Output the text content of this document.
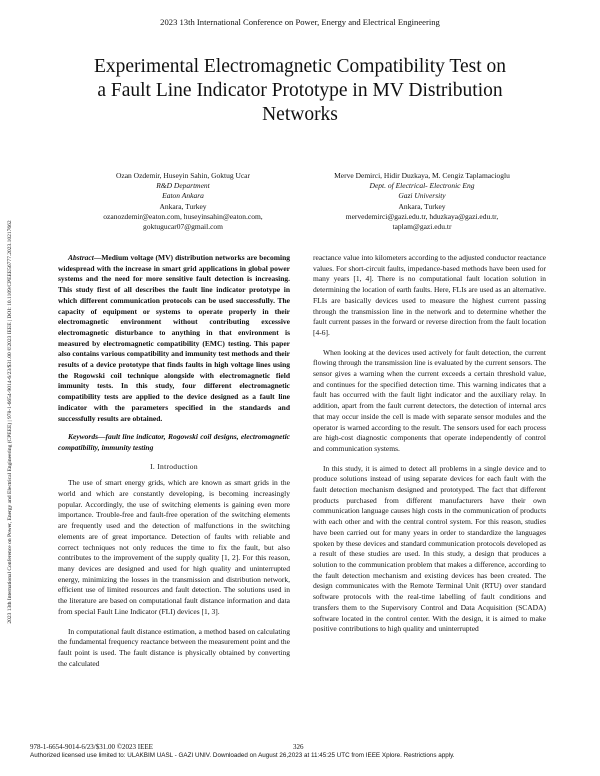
2023 13th International Conference on Power, Energy and Electrical Engineering
Experimental Electromagnetic Compatibility Test on
a Fault Line Indicator Prototype in MV Distribution
Networks
2023 13th International Conference on Power, Energy and Electrical Engineering (CPEEE) | 978-1-6654-9014-6/23/$31.00 ©2023 IEEE | DOI: 10.1109/CPEEE56777.2023.10217662
Ozan Ozdemir, Huseyin Sahin, Goktug Ucar
R&D Department
Eaton Ankara
Ankara, Turkey
ozanozdemir@eaton.com, huseyinsahin@eaton.com,
goktugucar07@gmail.com
Merve Demirci, Hidir Duzkaya, M. Cengiz Taplamacioglu
Dept. of Electrical- Electronic Eng
Gazi University
Ankara, Turkey
mervedemirci@gazi.edu.tr, hduzkaya@gazi.edu.tr,
taplam@gazi.edu.tr

Abstract—Medium voltage (MV) distribution networks are becoming widespread with the increase in smart grid applications in global power systems and the need for more sensitive fault detection is increasing. This study first of all describes the fault line indicator prototype in which different communication protocols can be used successfully. The capacity of equipment or systems to operate properly in their electromagnetic environment without contributing excessive electromagnetic disturbance to anything in that environment is measured by electromagnetic compatibility (EMC) testing. This paper also contains various compatibility and immunity test methods and their results of a device prototype that finds faults in high voltage lines using the Rogowski coil technique alongside with electromagnetic field immunity tests. In this study, four different electromagnetic compatibility tests are applied to the device designed as a fault line indicator with the parameters specified in the standards and successfully results are obtained.

Keywords—fault line indicator, Rogowski coil designs, electromagnetic compatibility, immunity testing

I. Introduction

The use of smart energy grids, which are known as smart grids in the world and which are constantly developing, is becoming increasingly popular. Accordingly, the use of switching elements is gaining even more importance. Trouble-free and fault-free operation of the switching elements are frequently used and the detection of malfunctions in the switching elements are of great importance. Detection of faults with reliable and correct techniques not only reduces the time to fix the fault, but also contributes to the improvement of the supply quality [1, 2]. For this reason, many devices are designed and used for high quality and uninterrupted energy, minimizing the losses in the transmission and distribution network, efficient use of limited resources and fault detection. The solutions used in the literature are based on computational fault distance information and data from special Fault Line Indicator (FLI) devices [1, 3].

In computational fault distance estimation, a method based on calculating the fundamental frequency reactance between the measurement point and the fault point is used. The fault distance is physically obtained by converting the calculated

reactance value into kilometers according to the adjusted conductor reactance values. For short-circuit faults, impedance-based methods have been used for many years [1, 4]. There is no computational fault location solution in determining the location of earth faults. Here, FLIs are used as an alternative. FLIs are basically devices used to measure the highest current passing through the transmission line in the network and to determine whether the fault current passes in the forward or reverse direction from the fault location [4-6].

When looking at the devices used actively for fault detection, the current flowing through the transmission line is evaluated by the current sensors. The sensor gives a warning when the current exceeds a certain threshold value, and continues for the specified detection time. This warning indicates that a fault has occurred with the fault light indicator and the auxiliary relay. In addition, apart from the fault current detectors, the detection of internal arcs that may occur inside the cell is made with separate sensor modules and the operator is warned according to the result. The sensors used for each process are high-cost diagnostic components that operate independently of control and communication systems.

In this study, it is aimed to detect all problems in a single device and to produce solutions instead of using separate devices for each fault with the fault detection mechanism designed and prototyped. The fact that different products purchased from different manufacturers have their own communication language causes high costs in the communication of products with each other and with the central control system. For this reason, studies have been carried out for many years in order to standardize the languages spoken by these devices and standard communication protocols developed as a result of these studies are used. In this study, a design that produces a solution to the communication problem that makes a difference, according to the fault detection mechanism and existing devices has been created. The design communicates with the Remote Terminal Unit (RTU) over standard software protocols with the real-time labelling of fault conditions and transfers them to the Supervisory Control and Data Acquisition (SCADA) software located in the control center. With the design, it is aimed to make positive contributions to high quality and uninterrupted

978-1-6654-9014-6/23/$31.00 ©2023 IEEE	326
Authorized licensed use limited to: ULAKBIM UASL - GAZI UNIV. Downloaded on August 26,2023 at 11:45:25 UTC from IEEE Xplore. Restrictions apply.
